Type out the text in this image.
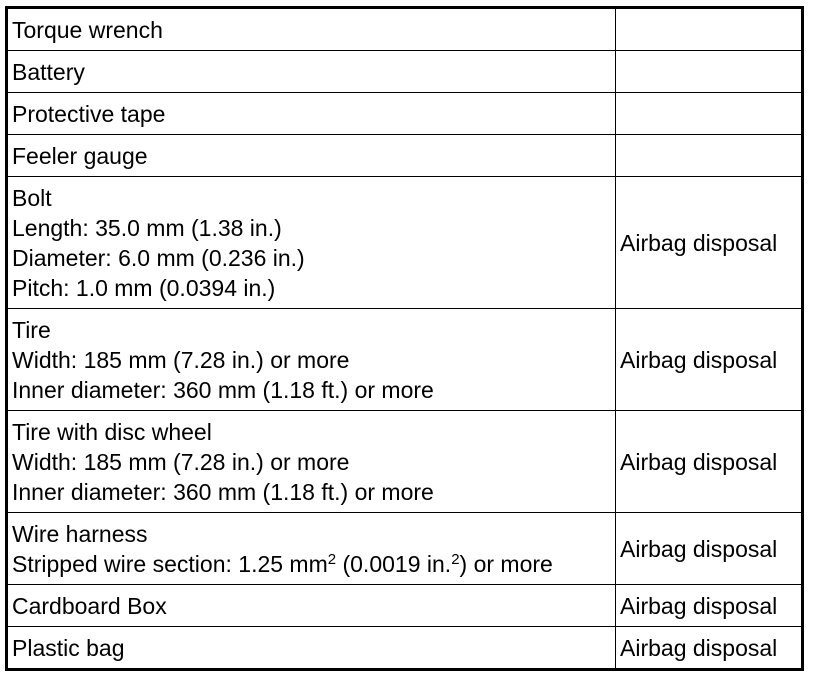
Torque wrench	

Battery	

Protective tape	

Feeler gauge	

Bolt
Length: 35.0 mm (1.38 in.)
Diameter: 6.0 mm (0.236 in.)
Pitch: 1.0 mm (0.0394 in.)	Airbag disposal

Tire
Width: 185 mm (7.28 in.) or more
Inner diameter: 360 mm (1.18 ft.) or more	Airbag disposal

Tire with disc wheel
Width: 185 mm (7.28 in.) or more
Inner diameter: 360 mm (1.18 ft.) or more	Airbag disposal

Wire harness
Stripped wire section: 1.25 $mm^2$ (0.0019 in.$^2$) or more	Airbag disposal

Cardboard Box	Airbag disposal

Plastic bag	Airbag disposal
